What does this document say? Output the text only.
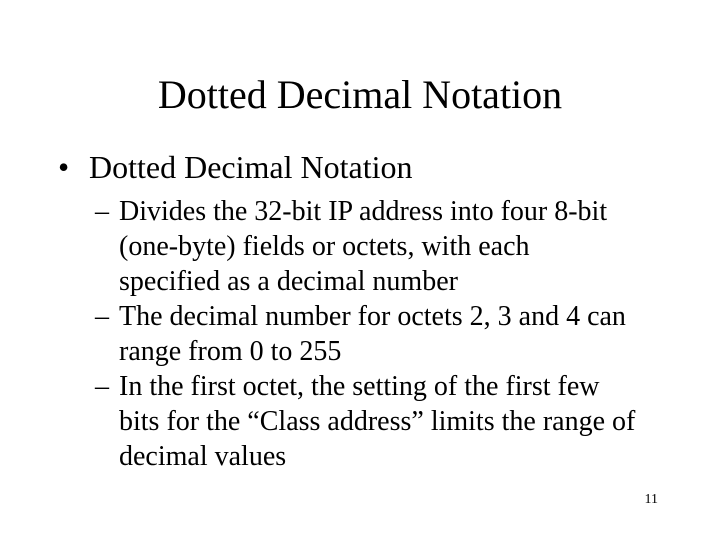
Dotted Decimal Notation
• Dotted Decimal Notation
– Divides the 32-bit IP address into four 8-bit
(one-byte) fields or octets, with each
specified as a decimal number
– The decimal number for octets 2, 3 and 4 can
range from 0 to 255
– In the first octet, the setting of the first few
bits for the “Class address” limits the range of
decimal values
11
